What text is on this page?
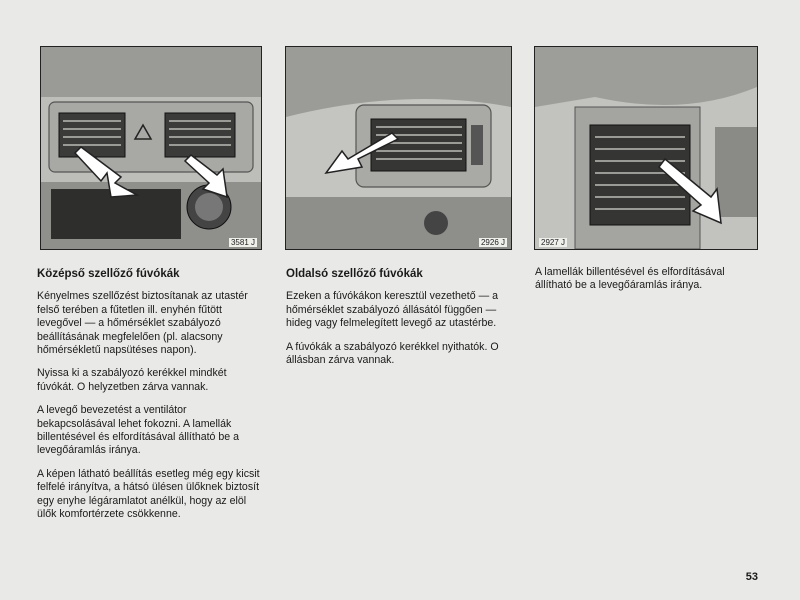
3581 J	2926 J	2927 J
Középső szellőző fúvókák

Kényelmes szellőzést biztosítanak az utastér felső terében a fűtetlen ill. enyhén fűtött levegővel — a hőmérséklet szabályozó beállításának megfelelően (pl. alacsony hőmérsékletű napsütéses napon).

Nyissa ki a szabályozó kerékkel mindkét fúvókát. O helyzetben zárva vannak.

A levegő bevezetést a ventilátor bekapcsolásával lehet fokozni. A lamellák billentésével és elfordításával állítható be a levegőáramlás iránya.

A képen látható beállítás esetleg még egy kicsit felfelé irányítva, a hátsó ülésen ülőknek biztosít egy enyhe légáramlatot anélkül, hogy az elöl ülők komfortérzete csökkenne.

Oldalsó szellőző fúvókák

Ezeken a fúvókákon keresztül vezethető — a hőmérséklet szabályozó állásától függően — hideg vagy felmelegített levegő az utastérbe.

A fúvókák a szabályozó kerékkel nyithatók. O állásban zárva vannak.

A lamellák billentésével és elfordításával állítható be a levegőáramlás iránya.

53
